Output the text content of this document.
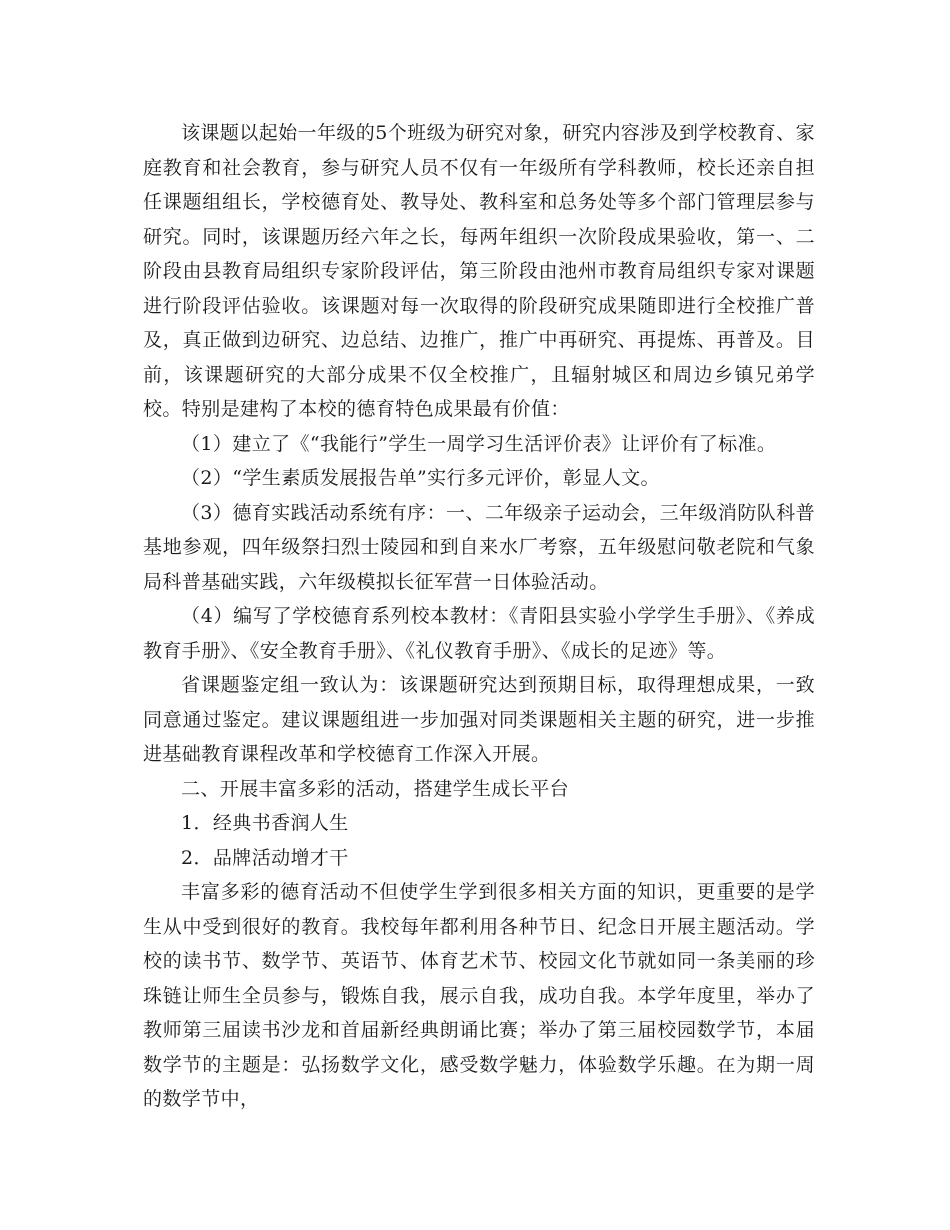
该课题以起始一年级的5个班级为研究对象，研究内容涉及到学校教育、家庭教育和社会教育，参与研究人员不仅有一年级所有学科教师，校长还亲自担任课题组组长，学校德育处、教导处、教科室和总务处等多个部门管理层参与研究。同时，该课题历经六年之长，每两年组织一次阶段成果验收，第一、二阶段由县教育局组织专家阶段评估，第三阶段由池州市教育局组织专家对课题进行阶段评估验收。该课题对每一次取得的阶段研究成果随即进行全校推广普及，真正做到边研究、边总结、边推广，推广中再研究、再提炼、再普及。目前，该课题研究的大部分成果不仅全校推广，且辐射城区和周边乡镇兄弟学校。特别是建构了本校的德育特色成果最有价值：

（1）建立了《“我能行”学生一周学习生活评价表》让评价有了标准。

（2）“学生素质发展报告单”实行多元评价，彰显人文。

（3）德育实践活动系统有序：一、二年级亲子运动会，三年级消防队科普基地参观，四年级祭扫烈士陵园和到自来水厂考察，五年级慰问敬老院和气象局科普基础实践，六年级模拟长征军营一日体验活动。

（4）编写了学校德育系列校本教材：《青阳县实验小学学生手册》、《养成教育手册》、《安全教育手册》、《礼仪教育手册》、《成长的足迹》等。

省课题鉴定组一致认为：该课题研究达到预期目标，取得理想成果，一致同意通过鉴定。建议课题组进一步加强对同类课题相关主题的研究，进一步推进基础教育课程改革和学校德育工作深入开展。

二、开展丰富多彩的活动，搭建学生成长平台

1．经典书香润人生

2．品牌活动增才干

丰富多彩的德育活动不但使学生学到很多相关方面的知识，更重要的是学生从中受到很好的教育。我校每年都利用各种节日、纪念日开展主题活动。学校的读书节、数学节、英语节、体育艺术节、校园文化节就如同一条美丽的珍珠链让师生全员参与，锻炼自我，展示自我，成功自我。本学年度里，举办了教师第三届读书沙龙和首届新经典朗诵比赛；举办了第三届校园数学节，本届数学节的主题是：弘扬数学文化，感受数学魅力，体验数学乐趣。在为期一周的数学节中，
